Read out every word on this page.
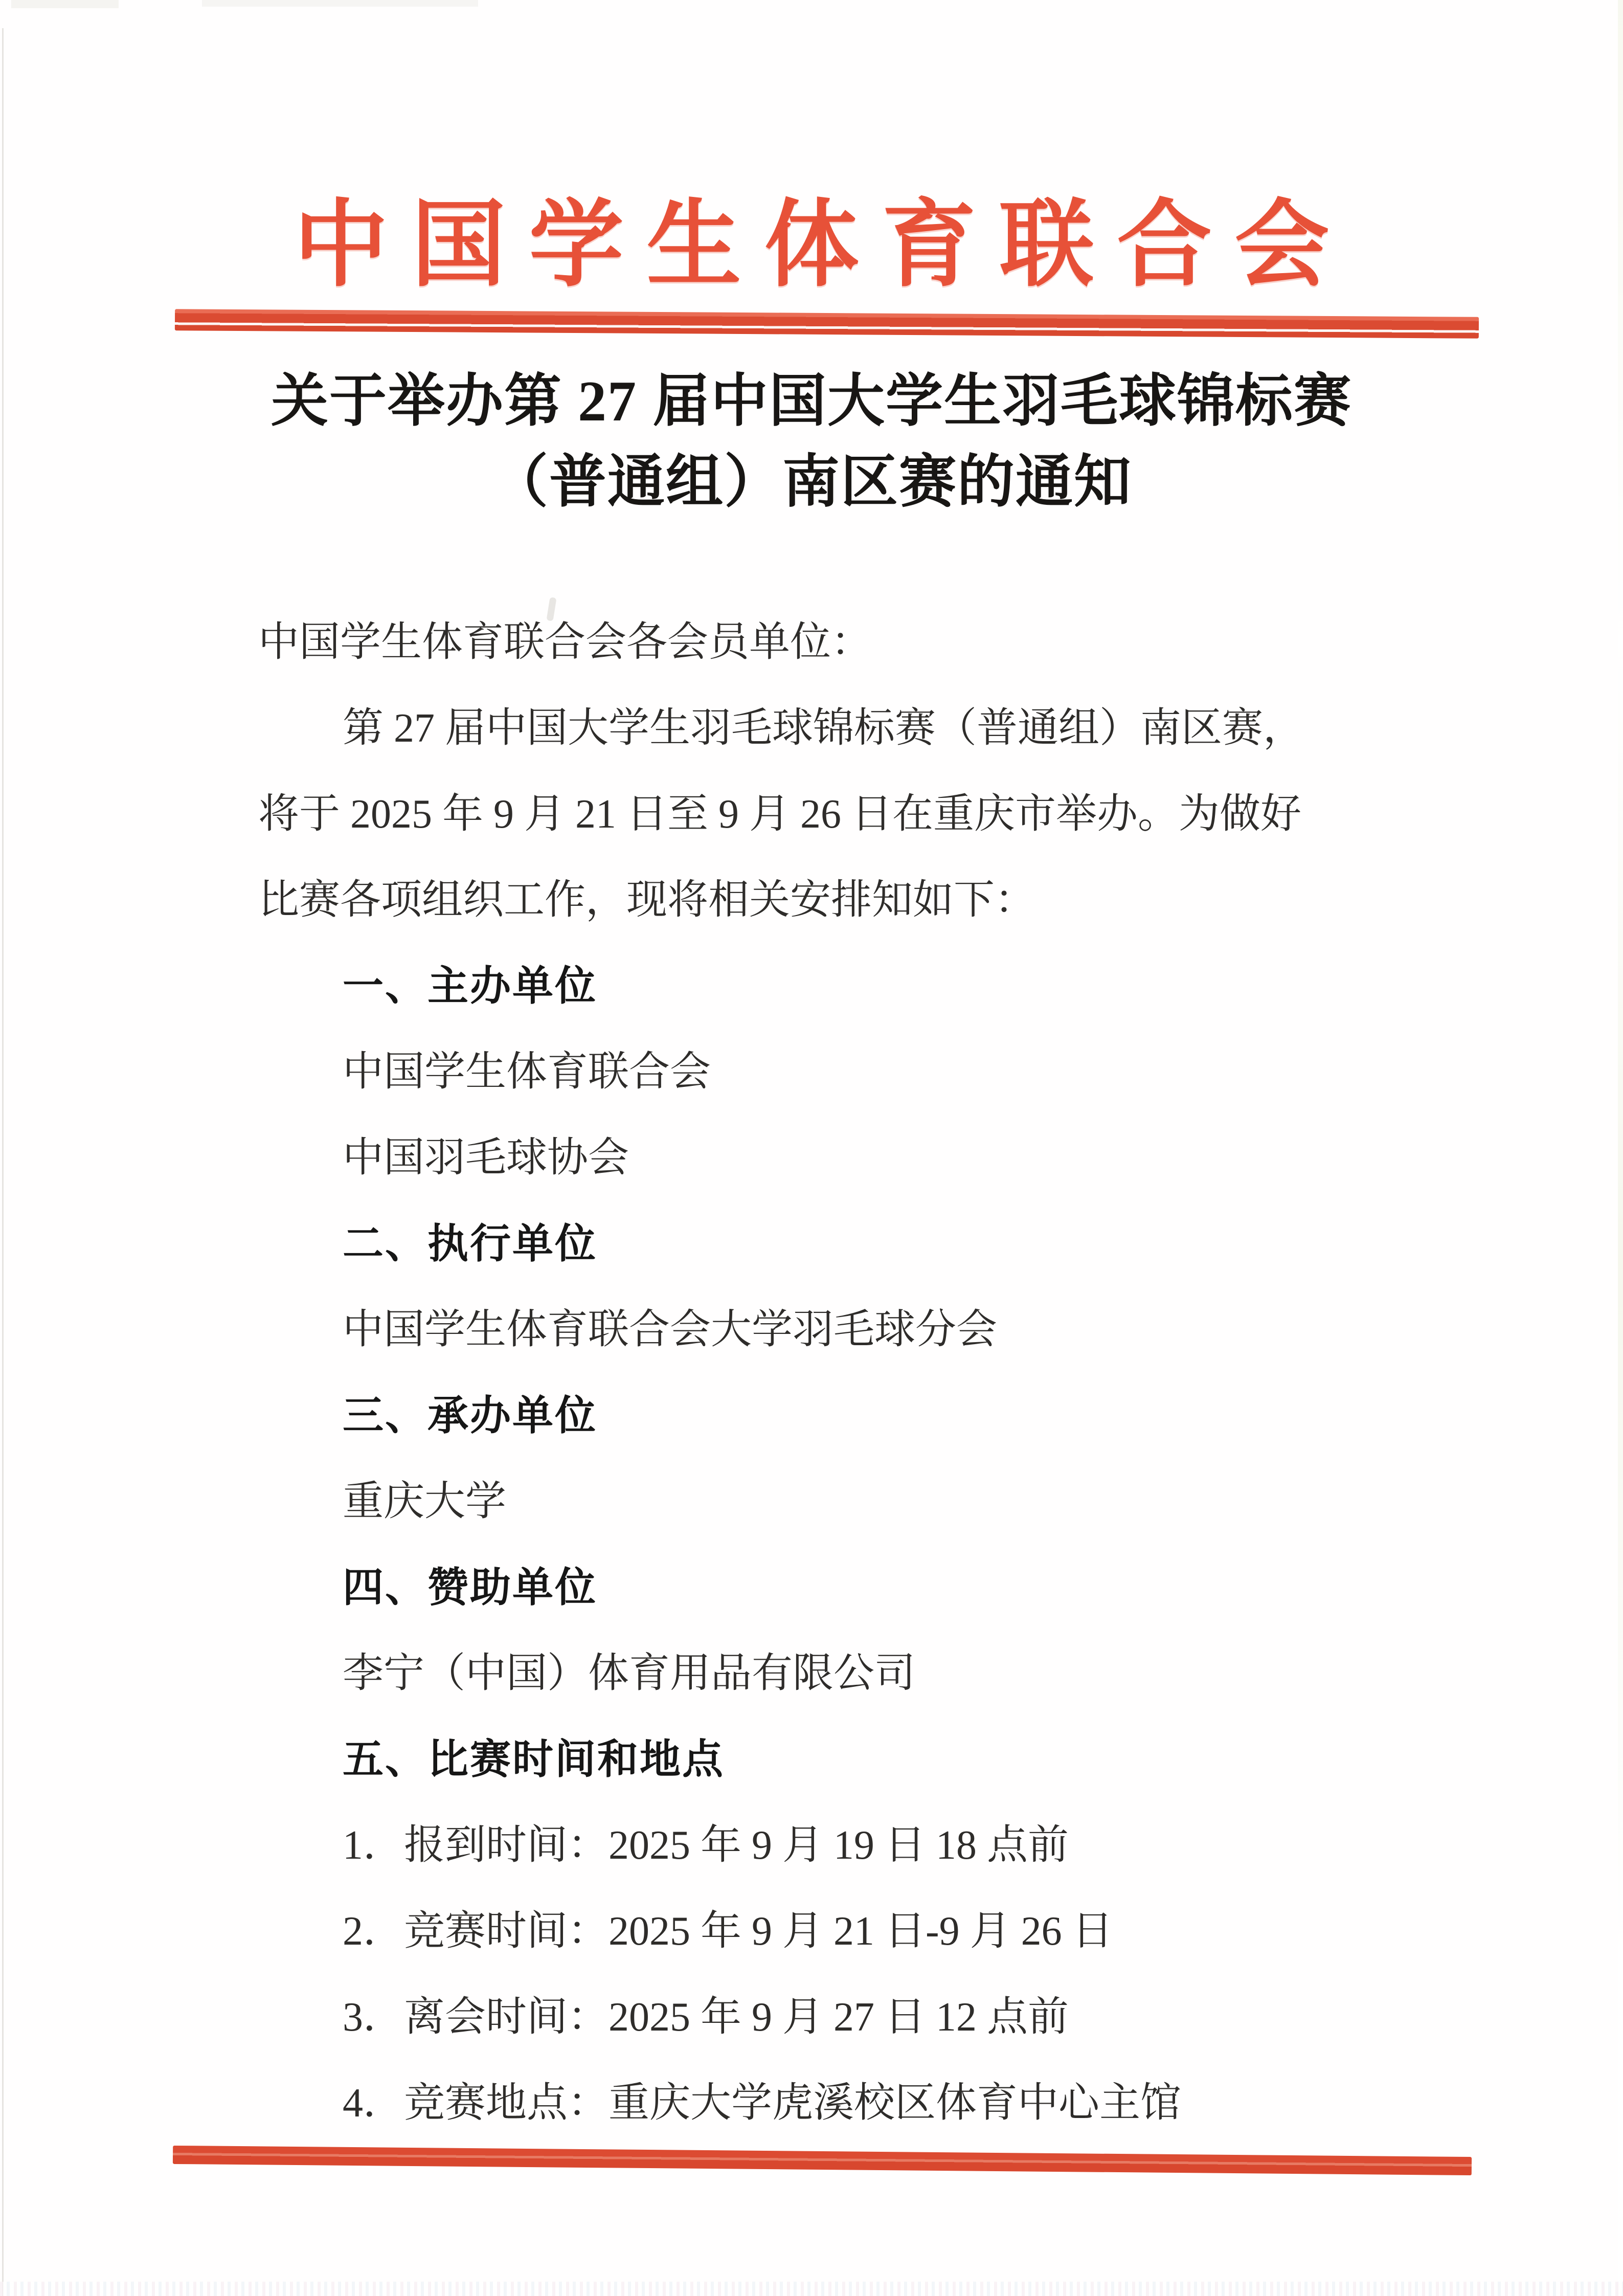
中国学生体育联合会
关于举办第 27 届中国大学生羽毛球锦标赛
（普通组）南区赛的通知
中国学生体育联合会各会员单位：
第 27 届中国大学生羽毛球锦标赛（普通组）南区赛，
将于 2025 年 9 月 21 日至 9 月 26 日在重庆市举办。为做好
比赛各项组织工作，现将相关安排知如下：
一、主办单位
中国学生体育联合会
中国羽毛球协会
二、执行单位
中国学生体育联合会大学羽毛球分会
三、承办单位
重庆大学
四、赞助单位
李宁（中国）体育用品有限公司
五、比赛时间和地点
1．报到时间：2025 年 9 月 19 日 18 点前
2．竞赛时间：2025 年 9 月 21 日-9 月 26 日
3．离会时间：2025 年 9 月 27 日 12 点前
4．竞赛地点：重庆大学虎溪校区体育中心主馆
